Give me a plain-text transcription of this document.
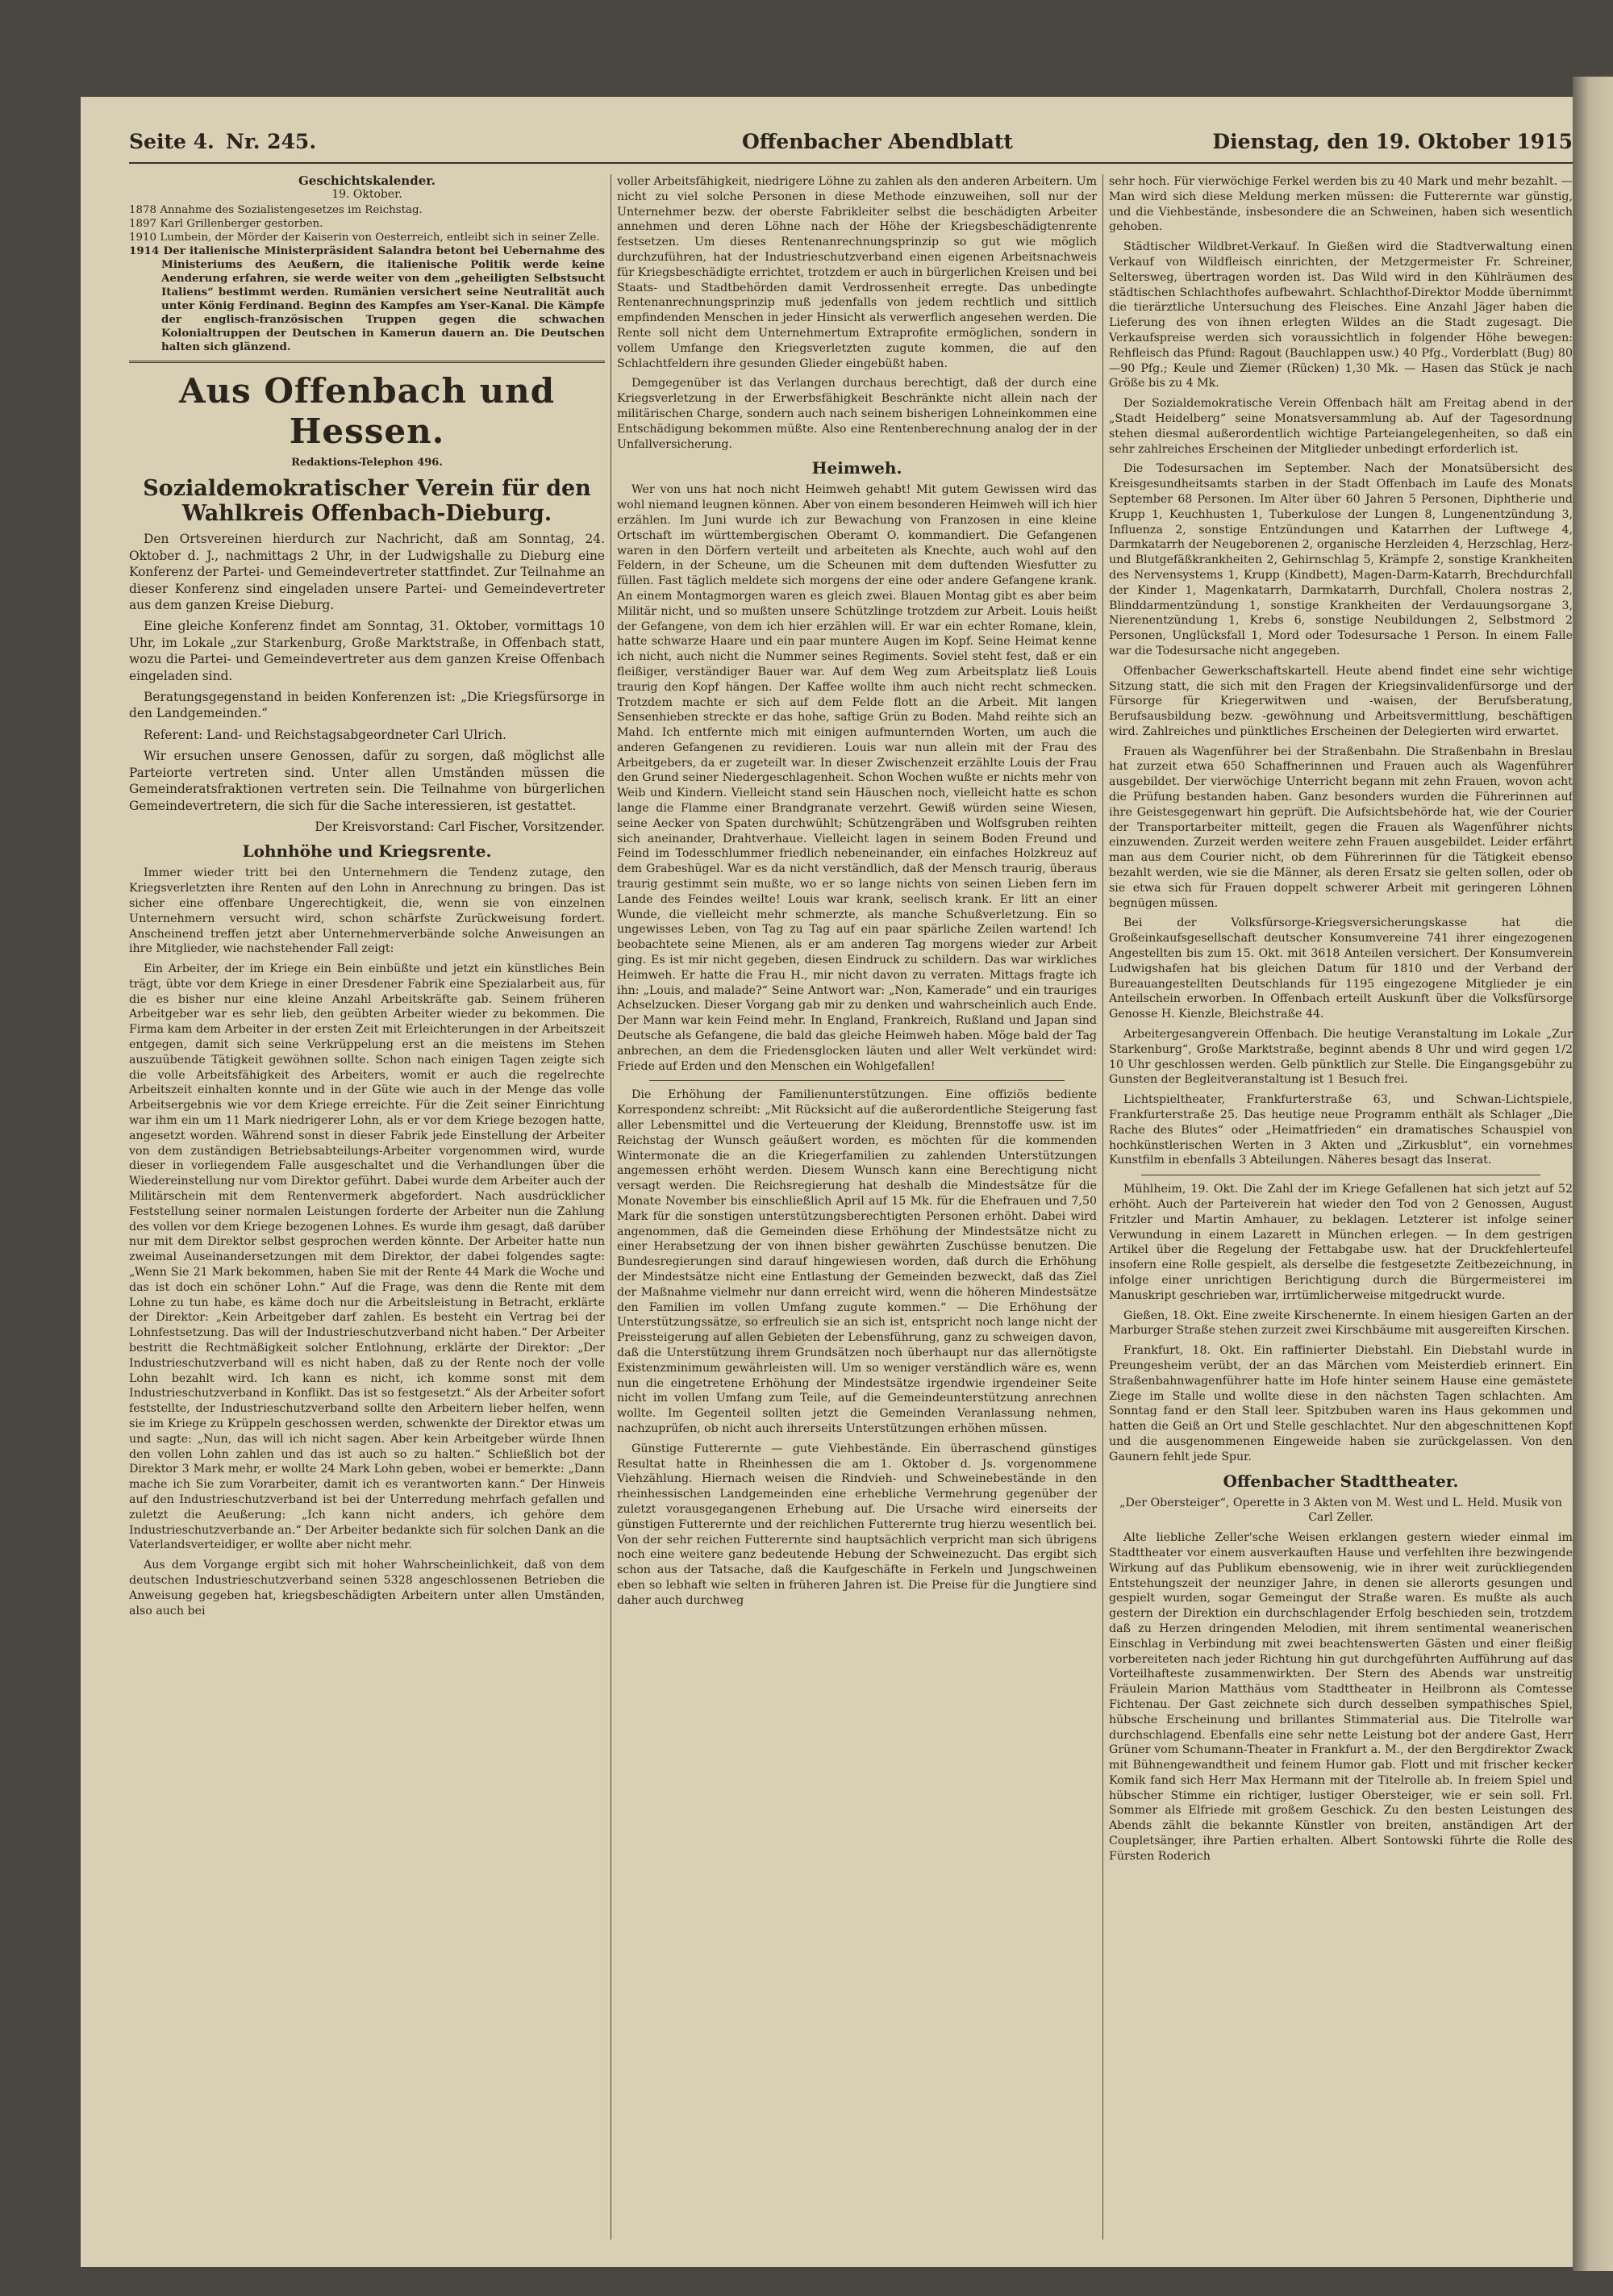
Seite 4. Nr. 245.	Offenbacher Abendblatt	Dienstag, den 19. Oktober 1915
Geschichtskalender.
19. Oktober.

1878 Annahme des Sozialistengesetzes im Reichstag.

1897 Karl Grillenberger gestorben.

1910 Lumbein, der Mörder der Kaiserin von Oesterreich, entleibt sich in seiner Zelle.

1914 Der italienische Ministerpräsident Salandra betont bei Uebernahme des Ministeriums des Aeußern, die italienische Politik werde keine Aenderung erfahren, sie werde weiter von dem „geheiligten Selbstsucht Italiens“ bestimmt werden. Rumänien versichert seine Neutralität auch unter König Ferdinand. Beginn des Kampfes am Yser-Kanal. Die Kämpfe der englisch-französischen Truppen gegen die schwachen Kolonialtruppen der Deutschen in Kamerun dauern an. Die Deutschen halten sich glänzend.

Aus Offenbach und Hessen.
Redaktions-Telephon 496.
Sozialdemokratischer Verein für den Wahlkreis Offenbach-Dieburg.

Den Ortsvereinen hierdurch zur Nachricht, daß am Sonntag, 24. Oktober d. J., nachmittags 2 Uhr, in der Ludwigshalle zu Dieburg eine Konferenz der Partei- und Gemeindevertreter stattfindet. Zur Teilnahme an dieser Konferenz sind eingeladen unsere Partei- und Gemeindevertreter aus dem ganzen Kreise Dieburg.

Eine gleiche Konferenz findet am Sonntag, 31. Oktober, vormittags 10 Uhr, im Lokale „zur Starkenburg, Große Marktstraße, in Offenbach statt, wozu die Partei- und Gemeindevertreter aus dem ganzen Kreise Offenbach eingeladen sind.

Beratungsgegenstand in beiden Konferenzen ist: „Die Kriegsfürsorge in den Landgemeinden.“

Referent: Land- und Reichstagsabgeordneter Carl Ulrich.

Wir ersuchen unsere Genossen, dafür zu sorgen, daß möglichst alle Parteiorte vertreten sind. Unter allen Umständen müssen die Gemeinderatsfraktionen vertreten sein. Die Teilnahme von bürgerlichen Gemeindevertretern, die sich für die Sache interessieren, ist gestattet.

Der Kreisvorstand: Carl Fischer, Vorsitzender.

Lohnhöhe und Kriegsrente.

Immer wieder tritt bei den Unternehmern die Tendenz zutage, den Kriegsverletzten ihre Renten auf den Lohn in Anrechnung zu bringen. Das ist sicher eine offenbare Ungerechtigkeit, die, wenn sie von einzelnen Unternehmern versucht wird, schon schärfste Zurückweisung fordert. Anscheinend treffen jetzt aber Unternehmerverbände solche Anweisungen an ihre Mitglieder, wie nachstehender Fall zeigt:

Ein Arbeiter, der im Kriege ein Bein einbüßte und jetzt ein künstliches Bein trägt, übte vor dem Kriege in einer Dresdener Fabrik eine Spezialarbeit aus, für die es bisher nur eine kleine Anzahl Arbeitskräfte gab. Seinem früheren Arbeitgeber war es sehr lieb, den geübten Arbeiter wieder zu bekommen. Die Firma kam dem Arbeiter in der ersten Zeit mit Erleichterungen in der Arbeitszeit entgegen, damit sich seine Verkrüppelung erst an die meistens im Stehen auszuübende Tätigkeit gewöhnen sollte. Schon nach einigen Tagen zeigte sich die volle Arbeitsfähigkeit des Arbeiters, womit er auch die regelrechte Arbeitszeit einhalten konnte und in der Güte wie auch in der Menge das volle Arbeitsergebnis wie vor dem Kriege erreichte. Für die Zeit seiner Einrichtung war ihm ein um 11 Mark niedrigerer Lohn, als er vor dem Kriege bezogen hatte, angesetzt worden. Während sonst in dieser Fabrik jede Einstellung der Arbeiter von dem zuständigen Betriebsabteilungs-Arbeiter vorgenommen wird, wurde dieser in vorliegendem Falle ausgeschaltet und die Verhandlungen über die Wiedereinstellung nur vom Direktor geführt. Dabei wurde dem Arbeiter auch der Militärschein mit dem Rentenvermerk abgefordert. Nach ausdrücklicher Feststellung seiner normalen Leistungen forderte der Arbeiter nun die Zahlung des vollen vor dem Kriege bezogenen Lohnes. Es wurde ihm gesagt, daß darüber nur mit dem Direktor selbst gesprochen werden könnte. Der Arbeiter hatte nun zweimal Auseinandersetzungen mit dem Direktor, der dabei folgendes sagte: „Wenn Sie 21 Mark bekommen, haben Sie mit der Rente 44 Mark die Woche und das ist doch ein schöner Lohn.“ Auf die Frage, was denn die Rente mit dem Lohne zu tun habe, es käme doch nur die Arbeitsleistung in Betracht, erklärte der Direktor: „Kein Arbeitgeber darf zahlen. Es besteht ein Vertrag bei der Lohnfestsetzung. Das will der Industrieschutzverband nicht haben.“ Der Arbeiter bestritt die Rechtmäßigkeit solcher Entlohnung, erklärte der Direktor: „Der Industrieschutzverband will es nicht haben, daß zu der Rente noch der volle Lohn bezahlt wird. Ich kann es nicht, ich komme sonst mit dem Industrieschutzverband in Konflikt. Das ist so festgesetzt.“ Als der Arbeiter sofort feststellte, der Industrieschutzverband sollte den Arbeitern lieber helfen, wenn sie im Kriege zu Krüppeln geschossen werden, schwenkte der Direktor etwas um und sagte: „Nun, das will ich nicht sagen. Aber kein Arbeitgeber würde Ihnen den vollen Lohn zahlen und das ist auch so zu halten.“ Schließlich bot der Direktor 3 Mark mehr, er wollte 24 Mark Lohn geben, wobei er bemerkte: „Dann mache ich Sie zum Vorarbeiter, damit ich es verantworten kann.“ Der Hinweis auf den Industrieschutzverband ist bei der Unterredung mehrfach gefallen und zuletzt die Aeußerung: „Ich kann nicht anders, ich gehöre dem Industrieschutzverbande an.“ Der Arbeiter bedankte sich für solchen Dank an die Vaterlandsverteidiger, er wollte aber nicht mehr.

Aus dem Vorgange ergibt sich mit hoher Wahrscheinlichkeit, daß von dem deutschen Industrieschutzverband seinen 5328 angeschlossenen Betrieben die Anweisung gegeben hat, kriegsbeschädigten Arbeitern unter allen Umständen, also auch bei

voller Arbeitsfähigkeit, niedrigere Löhne zu zahlen als den anderen Arbeitern. Um nicht zu viel solche Personen in diese Methode einzuweihen, soll nur der Unternehmer bezw. der oberste Fabrikleiter selbst die beschädigten Arbeiter annehmen und deren Löhne nach der Höhe der Kriegsbeschädigtenrente festsetzen. Um dieses Rentenanrechnungsprinzip so gut wie möglich durchzuführen, hat der Industrieschutzverband einen eigenen Arbeitsnachweis für Kriegsbeschädigte errichtet, trotzdem er auch in bürgerlichen Kreisen und bei Staats- und Stadtbehörden damit Verdrossenheit erregte. Das unbedingte Rentenanrechnungsprinzip muß jedenfalls von jedem rechtlich und sittlich empfindenden Menschen in jeder Hinsicht als verwerflich angesehen werden. Die Rente soll nicht dem Unternehmertum Extraprofite ermöglichen, sondern in vollem Umfange den Kriegsverletzten zugute kommen, die auf den Schlachtfeldern ihre gesunden Glieder eingebüßt haben.

Demgegenüber ist das Verlangen durchaus berechtigt, daß der durch eine Kriegsverletzung in der Erwerbsfähigkeit Beschränkte nicht allein nach der militärischen Charge, sondern auch nach seinem bisherigen Lohneinkommen eine Entschädigung bekommen müßte. Also eine Rentenberechnung analog der in der Unfallversicherung.

Heimweh.

Wer von uns hat noch nicht Heimweh gehabt! Mit gutem Gewissen wird das wohl niemand leugnen können. Aber von einem besonderen Heimweh will ich hier erzählen. Im Juni wurde ich zur Bewachung von Franzosen in eine kleine Ortschaft im württembergischen Oberamt O. kommandiert. Die Gefangenen waren in den Dörfern verteilt und arbeiteten als Knechte, auch wohl auf den Feldern, in der Scheune, um die Scheunen mit dem duftenden Wiesfutter zu füllen. Fast täglich meldete sich morgens der eine oder andere Gefangene krank. An einem Montagmorgen waren es gleich zwei. Blauen Montag gibt es aber beim Militär nicht, und so mußten unsere Schützlinge trotzdem zur Arbeit. Louis heißt der Gefangene, von dem ich hier erzählen will. Er war ein echter Romane, klein, hatte schwarze Haare und ein paar muntere Augen im Kopf. Seine Heimat kenne ich nicht, auch nicht die Nummer seines Regiments. Soviel steht fest, daß er ein fleißiger, verständiger Bauer war. Auf dem Weg zum Arbeitsplatz ließ Louis traurig den Kopf hängen. Der Kaffee wollte ihm auch nicht recht schmecken. Trotzdem machte er sich auf dem Felde flott an die Arbeit. Mit langen Sensenhieben streckte er das hohe, saftige Grün zu Boden. Mahd reihte sich an Mahd. Ich entfernte mich mit einigen aufmunternden Worten, um auch die anderen Gefangenen zu revidieren. Louis war nun allein mit der Frau des Arbeitgebers, da er zugeteilt war. In dieser Zwischenzeit erzählte Louis der Frau den Grund seiner Niedergeschlagenheit. Schon Wochen wußte er nichts mehr von Weib und Kindern. Vielleicht stand sein Häuschen noch, vielleicht hatte es schon lange die Flamme einer Brandgranate verzehrt. Gewiß würden seine Wiesen, seine Aecker von Spaten durchwühlt; Schützengräben und Wolfsgruben reihten sich aneinander, Drahtverhaue. Vielleicht lagen in seinem Boden Freund und Feind im Todesschlummer friedlich nebeneinander, ein einfaches Holzkreuz auf dem Grabeshügel. War es da nicht verständlich, daß der Mensch traurig, überaus traurig gestimmt sein mußte, wo er so lange nichts von seinen Lieben fern im Lande des Feindes weilte! Louis war krank, seelisch krank. Er litt an einer Wunde, die vielleicht mehr schmerzte, als manche Schußverletzung. Ein so ungewisses Leben, von Tag zu Tag auf ein paar spärliche Zeilen wartend! Ich beobachtete seine Mienen, als er am anderen Tag morgens wieder zur Arbeit ging. Es ist mir nicht gegeben, diesen Eindruck zu schildern. Das war wirkliches Heimweh. Er hatte die Frau H., mir nicht davon zu verraten. Mittags fragte ich ihn: „Louis, and malade?“ Seine Antwort war: „Non, Kamerade“ und ein trauriges Achselzucken. Dieser Vorgang gab mir zu denken und wahrscheinlich auch Ende. Der Mann war kein Feind mehr. In England, Frankreich, Rußland und Japan sind Deutsche als Gefangene, die bald das gleiche Heimweh haben. Möge bald der Tag anbrechen, an dem die Friedensglocken läuten und aller Welt verkündet wird: Friede auf Erden und den Menschen ein Wohlgefallen!

Die Erhöhung der Familienunterstützungen. Eine offiziös bediente Korrespondenz schreibt: „Mit Rücksicht auf die außerordentliche Steigerung fast aller Lebensmittel und die Verteuerung der Kleidung, Brennstoffe usw. ist im Reichstag der Wunsch geäußert worden, es möchten für die kommenden Wintermonate die an die Kriegerfamilien zu zahlenden Unterstützungen angemessen erhöht werden. Diesem Wunsch kann eine Berechtigung nicht versagt werden. Die Reichsregierung hat deshalb die Mindestsätze für die Monate November bis einschließlich April auf 15 Mk. für die Ehefrauen und 7,50 Mark für die sonstigen unterstützungsberechtigten Personen erhöht. Dabei wird angenommen, daß die Gemeinden diese Erhöhung der Mindestsätze nicht zu einer Herabsetzung der von ihnen bisher gewährten Zuschüsse benutzen. Die Bundesregierungen sind darauf hingewiesen worden, daß durch die Erhöhung der Mindestsätze nicht eine Entlastung der Gemeinden bezweckt, daß das Ziel der Maßnahme vielmehr nur dann erreicht wird, wenn die höheren Mindestsätze den Familien im vollen Umfang zugute kommen.“ — Die Erhöhung der Unterstützungssätze, so erfreulich sie an sich ist, entspricht noch lange nicht der Preissteigerung auf allen Gebieten der Lebensführung, ganz zu schweigen davon, daß die Unterstützung ihrem Grundsätzen noch überhaupt nur das allernötigste Existenzminimum gewährleisten will. Um so weniger verständlich wäre es, wenn nun die eingetretene Erhöhung der Mindestsätze irgendwie irgendeiner Seite nicht im vollen Umfang zum Teile, auf die Gemeindeunterstützung anrechnen wollte. Im Gegenteil sollten jetzt die Gemeinden Veranlassung nehmen, nachzuprüfen, ob nicht auch ihrerseits Unterstützungen erhöhen müssen.

Günstige Futterernte — gute Viehbestände. Ein überraschend günstiges Resultat hatte in Rheinhessen die am 1. Oktober d. Js. vorgenommene Viehzählung. Hiernach weisen die Rindvieh- und Schweinebestände in den rheinhessischen Landgemeinden eine erhebliche Vermehrung gegenüber der zuletzt vorausgegangenen Erhebung auf. Die Ursache wird einerseits der günstigen Futterernte und der reichlichen Futterernte trug hierzu wesentlich bei. Von der sehr reichen Futterernte sind hauptsächlich verpricht man sich übrigens noch eine weitere ganz bedeutende Hebung der Schweinezucht. Das ergibt sich schon aus der Tatsache, daß die Kaufgeschäfte in Ferkeln und Jungschweinen eben so lebhaft wie selten in früheren Jahren ist. Die Preise für die Jungtiere sind daher auch durchweg

sehr hoch. Für vierwöchige Ferkel werden bis zu 40 Mark und mehr bezahlt. — Man wird sich diese Meldung merken müssen: die Futterernte war günstig, und die Viehbestände, insbesondere die an Schweinen, haben sich wesentlich gehoben.

Städtischer Wildbret-Verkauf. In Gießen wird die Stadtverwaltung einen Verkauf von Wildfleisch einrichten, der Metzgermeister Fr. Schreiner, Seltersweg, übertragen worden ist. Das Wild wird in den Kühlräumen des städtischen Schlachthofes aufbewahrt. Schlachthof-Direktor Modde übernimmt die tierärztliche Untersuchung des Fleisches. Eine Anzahl Jäger haben die Lieferung des von ihnen erlegten Wildes an die Stadt zugesagt. Die Verkaufspreise werden sich voraussichtlich in folgender Höhe bewegen: Rehfleisch das Pfund: Ragout (Bauchlappen usw.) 40 Pfg., Vorderblatt (Bug) 80—90 Pfg.; Keule und Ziemer (Rücken) 1,30 Mk. — Hasen das Stück je nach Größe bis zu 4 Mk.

Der Sozialdemokratische Verein Offenbach hält am Freitag abend in der „Stadt Heidelberg“ seine Monatsversammlung ab. Auf der Tagesordnung stehen diesmal außerordentlich wichtige Parteiangelegenheiten, so daß ein sehr zahlreiches Erscheinen der Mitglieder unbedingt erforderlich ist.

Die Todesursachen im September. Nach der Monatsübersicht des Kreisgesundheitsamts starben in der Stadt Offenbach im Laufe des Monats September 68 Personen. Im Alter über 60 Jahren 5 Personen, Diphtherie und Krupp 1, Keuchhusten 1, Tuberkulose der Lungen 8, Lungenentzündung 3, Influenza 2, sonstige Entzündungen und Katarrhen der Luftwege 4, Darmkatarrh der Neugeborenen 2, organische Herzleiden 4, Herzschlag, Herz- und Blutgefäßkrankheiten 2, Gehirnschlag 5, Krämpfe 2, sonstige Krankheiten des Nervensystems 1, Krupp (Kindbett), Magen-Darm-Katarrh, Brechdurchfall der Kinder 1, Magenkatarrh, Darmkatarrh, Durchfall, Cholera nostras 2, Blinddarmentzündung 1, sonstige Krankheiten der Verdauungsorgane 3, Nierenentzündung 1, Krebs 6, sonstige Neubildungen 2, Selbstmord 2 Personen, Unglücksfall 1, Mord oder Todesursache 1 Person. In einem Falle war die Todesursache nicht angegeben.

Offenbacher Gewerkschaftskartell. Heute abend findet eine sehr wichtige Sitzung statt, die sich mit den Fragen der Kriegsinvalidenfürsorge und der Fürsorge für Kriegerwitwen und -waisen, der Berufsberatung, Berufsausbildung bezw. -gewöhnung und Arbeitsvermittlung, beschäftigen wird. Zahlreiches und pünktliches Erscheinen der Delegierten wird erwartet.

Frauen als Wagenführer bei der Straßenbahn. Die Straßenbahn in Breslau hat zurzeit etwa 650 Schaffnerinnen und Frauen auch als Wagenführer ausgebildet. Der vierwöchige Unterricht begann mit zehn Frauen, wovon acht die Prüfung bestanden haben. Ganz besonders wurden die Führerinnen auf ihre Geistesgegenwart hin geprüft. Die Aufsichtsbehörde hat, wie der Courier der Transportarbeiter mitteilt, gegen die Frauen als Wagenführer nichts einzuwenden. Zurzeit werden weitere zehn Frauen ausgebildet. Leider erfährt man aus dem Courier nicht, ob dem Führerinnen für die Tätigkeit ebenso bezahlt werden, wie sie die Männer, als deren Ersatz sie gelten sollen, oder ob sie etwa sich für Frauen doppelt schwerer Arbeit mit geringeren Löhnen begnügen müssen.

Bei der Volksfürsorge-Kriegsversicherungskasse hat die Großeinkaufsgesellschaft deutscher Konsumvereine 741 ihrer eingezogenen Angestellten bis zum 15. Okt. mit 3618 Anteilen versichert. Der Konsumverein Ludwigshafen hat bis gleichen Datum für 1810 und der Verband der Bureauangestellten Deutschlands für 1195 eingezogene Mitglieder je ein Anteilschein erworben. In Offenbach erteilt Auskunft über die Volksfürsorge Genosse H. Kienzle, Bleichstraße 44.

Arbeitergesangverein Offenbach. Die heutige Veranstaltung im Lokale „Zur Starkenburg“, Große Marktstraße, beginnt abends 8 Uhr und wird gegen 1/2 10 Uhr geschlossen werden. Gelb pünktlich zur Stelle. Die Eingangsgebühr zu Gunsten der Begleitveranstaltung ist 1 Besuch frei.

Lichtspieltheater, Frankfurterstraße 63, und Schwan-Lichtspiele, Frankfurterstraße 25. Das heutige neue Programm enthält als Schlager „Die Rache des Blutes“ oder „Heimatfrieden“ ein dramatisches Schauspiel von hochkünstlerischen Werten in 3 Akten und „Zirkusblut“, ein vornehmes Kunstfilm in ebenfalls 3 Abteilungen. Näheres besagt das Inserat.

Mühlheim, 19. Okt. Die Zahl der im Kriege Gefallenen hat sich jetzt auf 52 erhöht. Auch der Parteiverein hat wieder den Tod von 2 Genossen, August Fritzler und Martin Amhauer, zu beklagen. Letzterer ist infolge seiner Verwundung in einem Lazarett in München erlegen. — In dem gestrigen Artikel über die Regelung der Fettabgabe usw. hat der Druckfehlerteufel insofern eine Rolle gespielt, als derselbe die festgesetzte Zeitbezeichnung, in infolge einer unrichtigen Berichtigung durch die Bürgermeisterei im Manuskript geschrieben war, irrtümlicherweise mitgedruckt wurde.

Gießen, 18. Okt. Eine zweite Kirschenernte. In einem hiesigen Garten an der Marburger Straße stehen zurzeit zwei Kirschbäume mit ausgereiften Kirschen.

Frankfurt, 18. Okt. Ein raffinierter Diebstahl. Ein Diebstahl wurde in Preungesheim verübt, der an das Märchen vom Meisterdieb erinnert. Ein Straßenbahnwagenführer hatte im Hofe hinter seinem Hause eine gemästete Ziege im Stalle und wollte diese in den nächsten Tagen schlachten. Am Sonntag fand er den Stall leer. Spitzbuben waren ins Haus gekommen und hatten die Geiß an Ort und Stelle geschlachtet. Nur den abgeschnittenen Kopf und die ausgenommenen Eingeweide haben sie zurückgelassen. Von den Gaunern fehlt jede Spur.

Offenbacher Stadttheater.

„Der Obersteiger“, Operette in 3 Akten von M. West und L. Held. Musik von Carl Zeller.

Alte liebliche Zeller'sche Weisen erklangen gestern wieder einmal im Stadttheater vor einem ausverkauften Hause und verfehlten ihre bezwingende Wirkung auf das Publikum ebensowenig, wie in ihrer weit zurückliegenden Entstehungszeit der neunziger Jahre, in denen sie allerorts gesungen und gespielt wurden, sogar Gemeingut der Straße waren. Es mußte als auch gestern der Direktion ein durchschlagender Erfolg beschieden sein, trotzdem daß zu Herzen dringenden Melodien, mit ihrem sentimental weanerischen Einschlag in Verbindung mit zwei beachtenswerten Gästen und einer fleißig vorbereiteten nach jeder Richtung hin gut durchgeführten Aufführung auf das Vorteilhafteste zusammenwirkten. Der Stern des Abends war unstreitig Fräulein Marion Matthäus vom Stadttheater in Heilbronn als Comtesse Fichtenau. Der Gast zeichnete sich durch desselben sympathisches Spiel, hübsche Erscheinung und brillantes Stimmaterial aus. Die Titelrolle war durchschlagend. Ebenfalls eine sehr nette Leistung bot der andere Gast, Herr Grüner vom Schumann-Theater in Frankfurt a. M., der den Bergdirektor Zwack mit Bühnengewandtheit und feinem Humor gab. Flott und mit frischer kecker Komik fand sich Herr Max Hermann mit der Titelrolle ab. In freiem Spiel und hübscher Stimme ein richtiger, lustiger Obersteiger, wie er sein soll. Frl. Sommer als Elfriede mit großem Geschick. Zu den besten Leistungen des Abends zählt die bekannte Künstler von breiten, anständigen Art der Coupletsänger, ihre Partien erhalten. Albert Sontowski führte die Rolle des Fürsten Roderich
